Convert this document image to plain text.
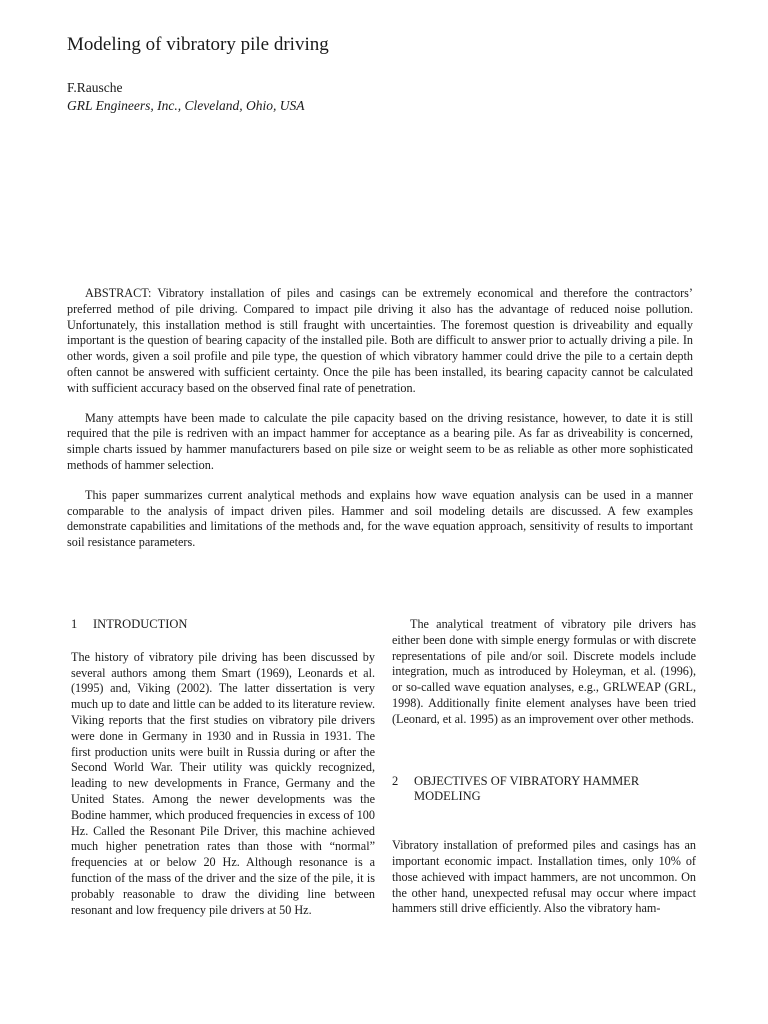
Modeling of vibratory pile driving
F.Rausche
GRL Engineers, Inc., Cleveland, Ohio, USA

ABSTRACT: Vibratory installation of piles and casings can be extremely economical and therefore the contractors’ preferred method of pile driving. Compared to impact pile driving it also has the advantage of reduced noise pollution. Unfortunately, this installation method is still fraught with uncertainties. The foremost question is driveability and equally important is the question of bearing capacity of the installed pile. Both are difficult to answer prior to actually driving a pile. In other words, given a soil profile and pile type, the question of which vibratory hammer could drive the pile to a certain depth often cannot be answered with sufficient certainty. Once the pile has been installed, its bearing capacity cannot be calculated with sufficient accuracy based on the observed final rate of penetration.

Many attempts have been made to calculate the pile capacity based on the driving resistance, however, to date it is still required that the pile is redriven with an impact hammer for acceptance as a bearing pile. As far as driveability is concerned, simple charts issued by hammer manufacturers based on pile size or weight seem to be as reliable as other more sophisticated methods of hammer selection.

This paper summarizes current analytical methods and explains how wave equation analysis can be used in a manner comparable to the analysis of impact driven piles. Hammer and soil modeling details are discussed. A few examples demonstrate capabilities and limitations of the methods and, for the wave equation approach, sensitivity of results to important soil resistance parameters.

1	INTRODUCTION

The history of vibratory pile driving has been discussed by several authors among them Smart (1969), Leonards et al. (1995) and, Viking (2002). The latter dissertation is very much up to date and little can be added to its literature review. Viking reports that the first studies on vibratory pile drivers were done in Germany in 1930 and in Russia in 1931. The first production units were built in Russia during or after the Second World War. Their utility was quickly recognized, leading to new developments in France, Germany and the United States. Among the newer developments was the Bodine hammer, which produced frequencies in excess of 100 Hz. Called the Resonant Pile Driver, this machine achieved much higher penetration rates than those with “normal” frequencies at or below 20 Hz. Although resonance is a function of the mass of the driver and the size of the pile, it is probably reasonable to draw the dividing line between resonant and low frequency pile drivers at 50 Hz.

The analytical treatment of vibratory pile drivers has either been done with simple energy formulas or with discrete representations of pile and/or soil. Discrete models include integration, much as introduced by Holeyman, et al. (1996), or so-called wave equation analyses, e.g., GRLWEAP (GRL, 1998). Additionally finite element analyses have been tried (Leonard, et al. 1995) as an improvement over other methods.

2	OBJECTIVES OF VIBRATORY HAMMER MODELING

Vibratory installation of preformed piles and casings has an important economic impact. Installation times, only 10% of those achieved with impact hammers, are not uncommon. On the other hand, unexpected refusal may occur where impact hammers still drive efficiently. Also the vibratory ham-
